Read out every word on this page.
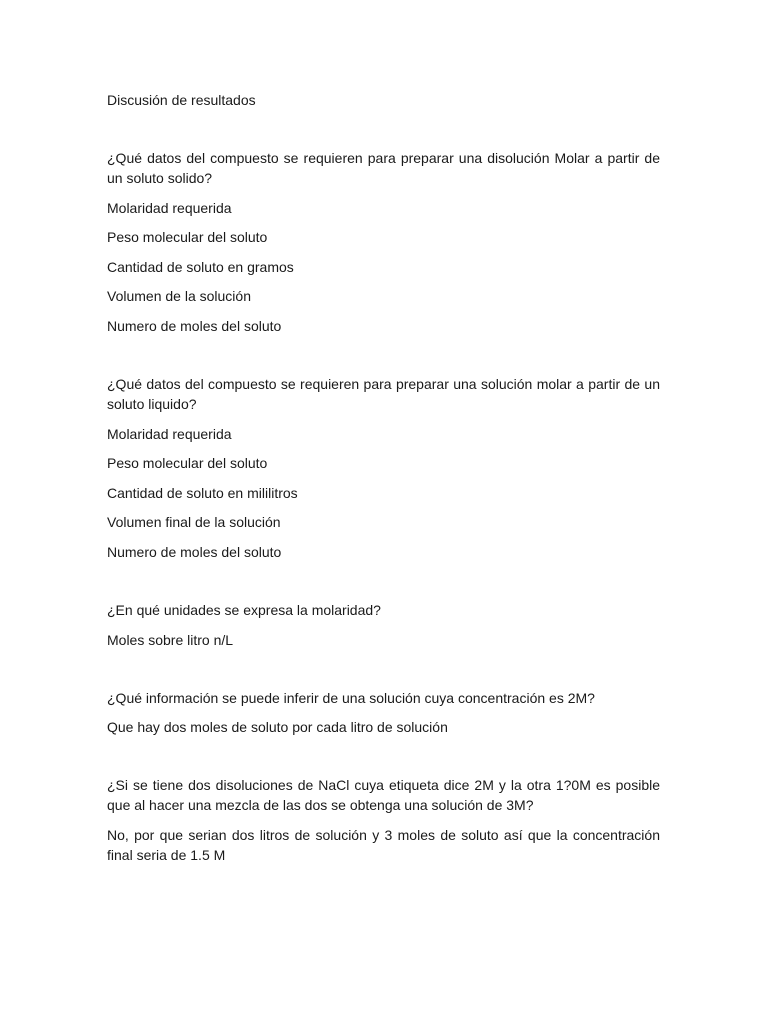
Discusión de resultados

¿Qué datos del compuesto se requieren para preparar una disolución Molar a partir de un soluto solido?

Molaridad requerida
Peso molecular del soluto
Cantidad de soluto en gramos
Volumen de la solución
Numero de moles del soluto

¿Qué datos del compuesto se requieren para preparar una solución molar a partir de un soluto liquido?

Molaridad requerida
Peso molecular del soluto
Cantidad de soluto en mililitros
Volumen final de la solución
Numero de moles del soluto

¿En qué unidades se expresa la molaridad?

Moles sobre litro n/L

¿Qué información se puede inferir de una solución cuya concentración es 2M?

Que hay dos moles de soluto por cada litro de solución

¿Si se tiene dos disoluciones de NaCl cuya etiqueta dice 2M y la otra 1?0M es posible que al hacer una mezcla de las dos se obtenga una solución de 3M?

No, por que serian dos litros de solución y 3 moles de soluto así que la concentración final seria de 1.5 M
